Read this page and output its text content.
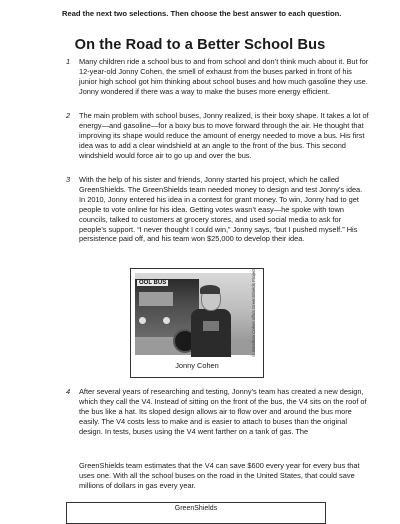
Read the next two selections. Then choose the best answer to each question.
On the Road to a Better School Bus
1 Many children ride a school bus to and from school and don’t think much about it. But for 12-year-old Jonny Cohen, the smell of exhaust from the buses parked in front of his junior high school got him thinking about school buses and how much gasoline they use. Jonny wondered if there was a way to make the buses more energy efficient.
2 The main problem with school buses, Jonny realized, is their boxy shape. It takes a lot of energy—and gasoline—for a boxy bus to move forward through the air. He thought that improving its shape would reduce the amount of energy needed to move a bus. His first idea was to add a clear windshield at an angle to the front of the bus. This second windshield would force air to go up and over the bus.
3 With the help of his sister and friends, Jonny started his project, which he called GreenShields. The GreenShields team needed money to design and test Jonny’s idea. In 2010, Jonny entered his idea in a contest for grant money. To win, Jonny had to get people to vote online for his idea. Getting votes wasn’t easy—he spoke with town councils, talked to customers at grocery stores, and used social media to ask for people’s support. “I never thought I could win,” Jonny says, “but I pushed myself.” His persistence paid off, and his team won $25,000 to develop their idea.
OOL BUS	© Jonathan Cohen d/b/a GreenShields Project
Jonny Cohen
4 After several years of researching and testing, Jonny’s team has created a new design, which they call the V4. Instead of sitting on the front of the bus, the V4 sits on the roof of the bus like a hat. Its sloped design allows air to flow over and around the bus more easily. The V4 costs less to make and is easier to attach to buses than the original design. In tests, buses using the V4 went farther on a tank of gas. The
GreenShields team estimates that the V4 can save $600 every year for every bus that uses one. With all the school buses on the road in the United States, that could save millions of dollars in gas every year.
GreenShields
